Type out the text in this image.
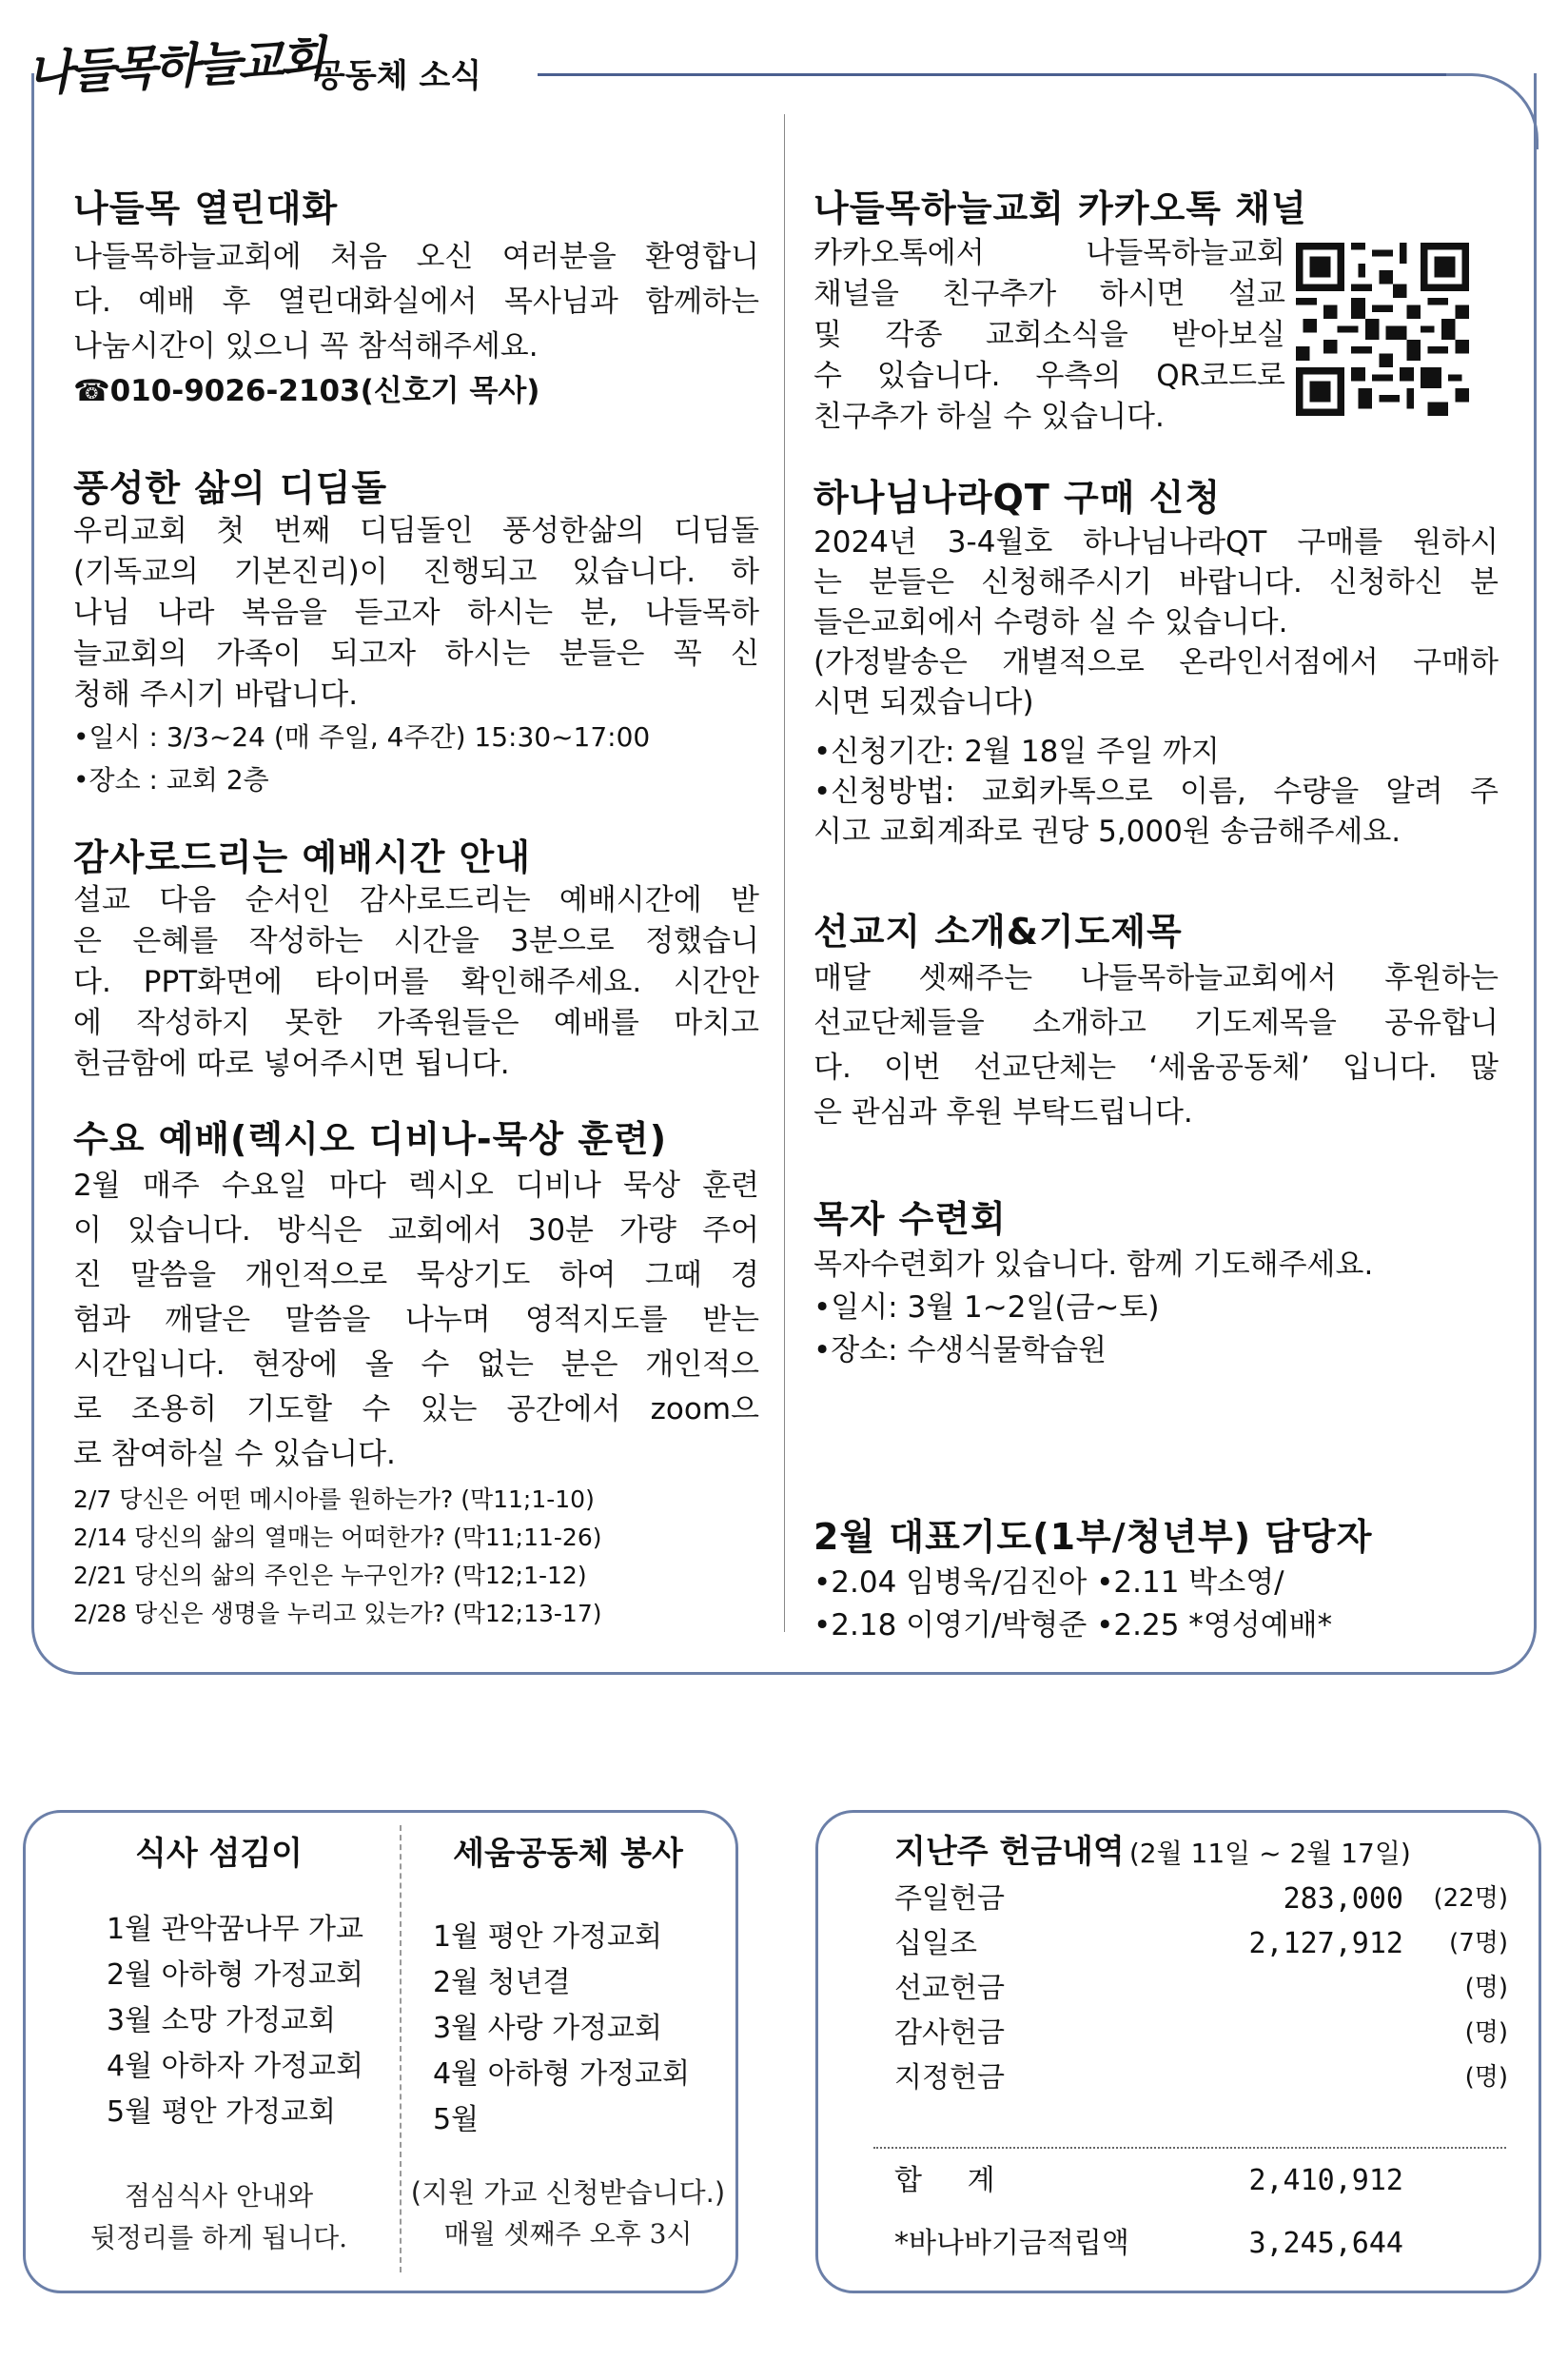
나들목하늘교회
공동체 소식
나들목 열린대화
나들목하늘교회에 처음 오신 여러분을 환영합니
다. 예배 후 열린대화실에서 목사님과 함께하는
나눔시간이 있으니 꼭 참석해주세요.
☎010-9026-2103(신호기 목사)
풍성한 삶의 디딤돌
우리교회 첫 번째 디딤돌인 풍성한삶의 디딤돌
(기독교의 기본진리)이 진행되고 있습니다. 하
나님 나라 복음을 듣고자 하시는 분, 나들목하
늘교회의 가족이 되고자 하시는 분들은 꼭 신
청해 주시기 바랍니다.
•일시 : 3/3~24 (매 주일, 4주간) 15:30~17:00
•장소 : 교회 2층
감사로드리는 예배시간 안내
설교 다음 순서인 감사로드리는 예배시간에 받
은 은혜를 작성하는 시간을 3분으로 정했습니
다. PPT화면에 타이머를 확인해주세요. 시간안
에 작성하지 못한 가족원들은 예배를 마치고
헌금함에 따로 넣어주시면 됩니다.
수요 예배(렉시오 디비나-묵상 훈련)
2월 매주 수요일 마다 렉시오 디비나 묵상 훈련
이 있습니다. 방식은 교회에서 30분 가량 주어
진 말씀을 개인적으로 묵상기도 하여 그때 경
험과 깨달은 말씀을 나누며 영적지도를 받는
시간입니다. 현장에 올 수 없는 분은 개인적으
로 조용히 기도할 수 있는 공간에서 zoom으
로 참여하실 수 있습니다.
2/7 당신은 어떤 메시아를 원하는가? (막11;1-10)
2/14 당신의 삶의 열매는 어떠한가? (막11;11-26)
2/21 당신의 삶의 주인은 누구인가? (막12;1-12)
2/28 당신은 생명을 누리고 있는가? (막12;13-17)
나들목하늘교회 카카오톡 채널
카카오톡에서 나들목하늘교회
채널을 친구추가 하시면 설교
및 각종 교회소식을 받아보실
수 있습니다. 우측의 QR코드로
친구추가 하실 수 있습니다.
하나님나라QT 구매 신청
2024년 3-4월호 하나님나라QT 구매를 원하시
는 분들은 신청해주시기 바랍니다. 신청하신 분
들은교회에서 수령하 실 수 있습니다.
(가정발송은 개별적으로 온라인서점에서 구매하
시면 되겠습니다)
•신청기간: 2월 18일 주일 까지
•신청방법: 교회카톡으로 이름, 수량을 알려 주
시고 교회계좌로 권당 5,000원 송금해주세요.
선교지 소개&기도제목
매달 셋째주는 나들목하늘교회에서 후원하는
선교단체들을 소개하고 기도제목을 공유합니
다. 이번 선교단체는 ‘세움공동체’ 입니다. 많
은 관심과 후원 부탁드립니다.
목자 수련회
목자수련회가 있습니다. 함께 기도해주세요.
•일시: 3월 1~2일(금~토)
•장소: 수생식물학습원
2월 대표기도(1부/청년부) 담당자
•2.04 임병욱/김진아 •2.11 박소영/
•2.18 이영기/박형준 •2.25 *영성예배*
식사 섬김이
1월 관악꿈나무 가교
2월 아하형 가정교회
3월 소망 가정교회
4월 아하자 가정교회
5월 평안 가정교회
점심식사 안내와
뒷정리를 하게 됩니다.
세움공동체 봉사
1월 평안 가정교회
2월 청년결
3월 사랑 가정교회
4월 아하형 가정교회
5월
(지원 가교 신청받습니다.)
매월 셋째주 오후 3시
지난주 헌금내역 (2월 11일 ~ 2월 17일)
주일헌금	283,000 (22명)
십일조	2,127,912 (7명)
선교헌금	(명)
감사헌금	(명)
지정헌금	(명)
합     계	2,410,912
*바나바기금적립액	3,245,644
